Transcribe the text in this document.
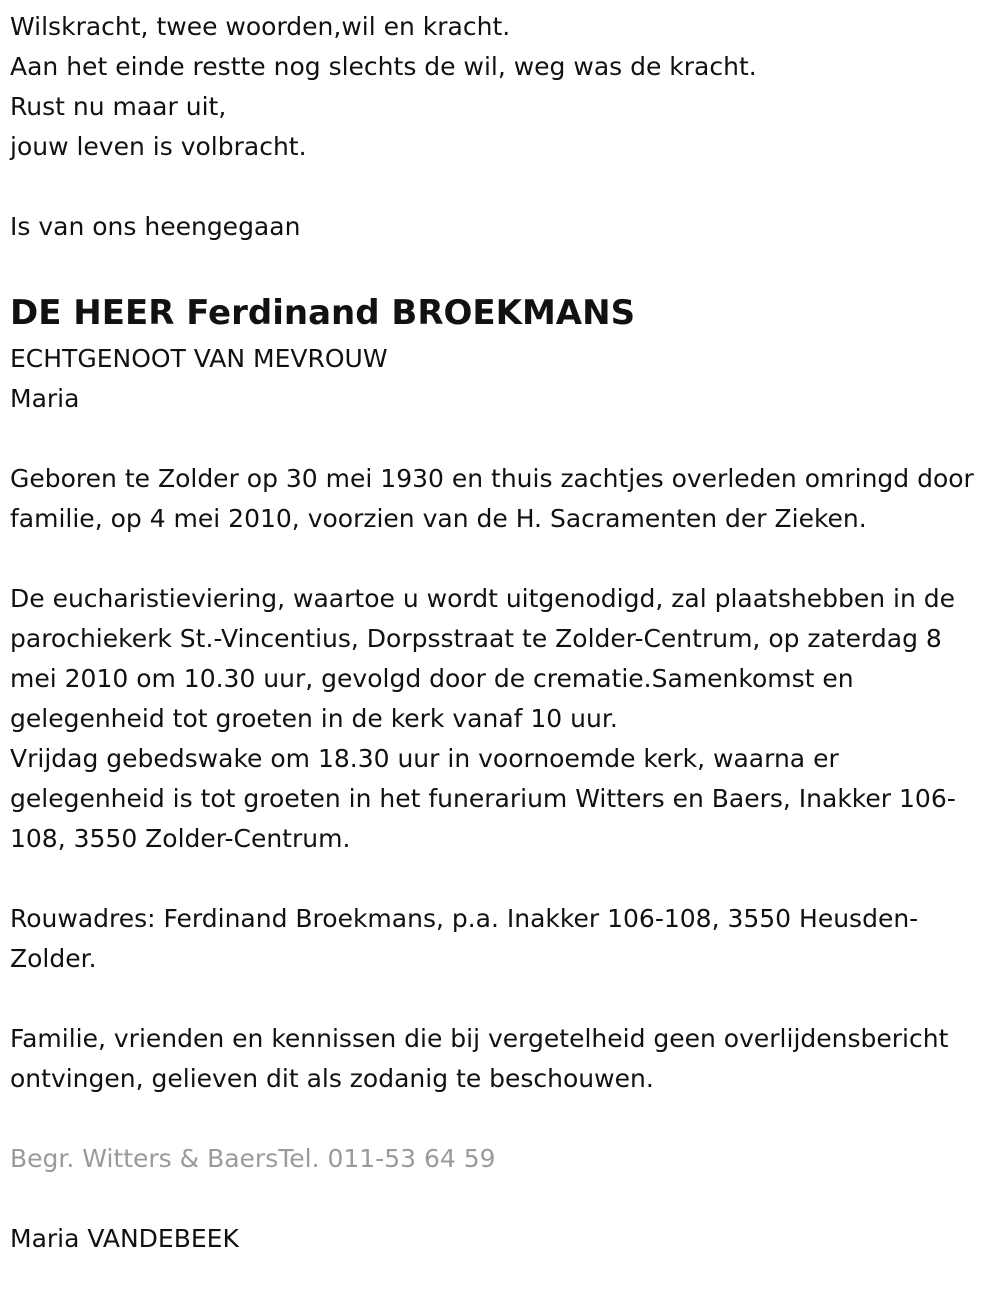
Wilskracht, twee woorden,wil en kracht.

Aan het einde restte nog slechts de wil, weg was de kracht.

Rust nu maar uit,

jouw leven is volbracht.

Is van ons heengegaan

DE HEER Ferdinand BROEKMANS

ECHTGENOOT VAN MEVROUW

Maria

Geboren te Zolder op 30 mei 1930 en thuis zachtjes overleden omringd door familie, op 4 mei 2010, voorzien van de H. Sacramenten der Zieken.

De eucharistieviering, waartoe u wordt uitgenodigd, zal plaatshebben in de parochiekerk St.-Vincentius, Dorpsstraat te Zolder-Centrum, op zaterdag 8 mei 2010 om 10.30 uur, gevolgd door de crematie.Samenkomst en gelegenheid tot groeten in de kerk vanaf 10 uur.

Vrijdag gebedswake om 18.30 uur in voornoemde kerk, waarna er gelegenheid is tot groeten in het funerarium Witters en Baers, Inakker 106-108, 3550 Zolder-Centrum.

Rouwadres: Ferdinand Broekmans, p.a. Inakker 106-108, 3550 Heusden-Zolder.

Familie, vrienden en kennissen die bij vergetelheid geen overlijdensbericht ontvingen, gelieven dit als zodanig te beschouwen.

Begr. Witters & BaersTel. 011-53 64 59

Maria VANDEBEEK
